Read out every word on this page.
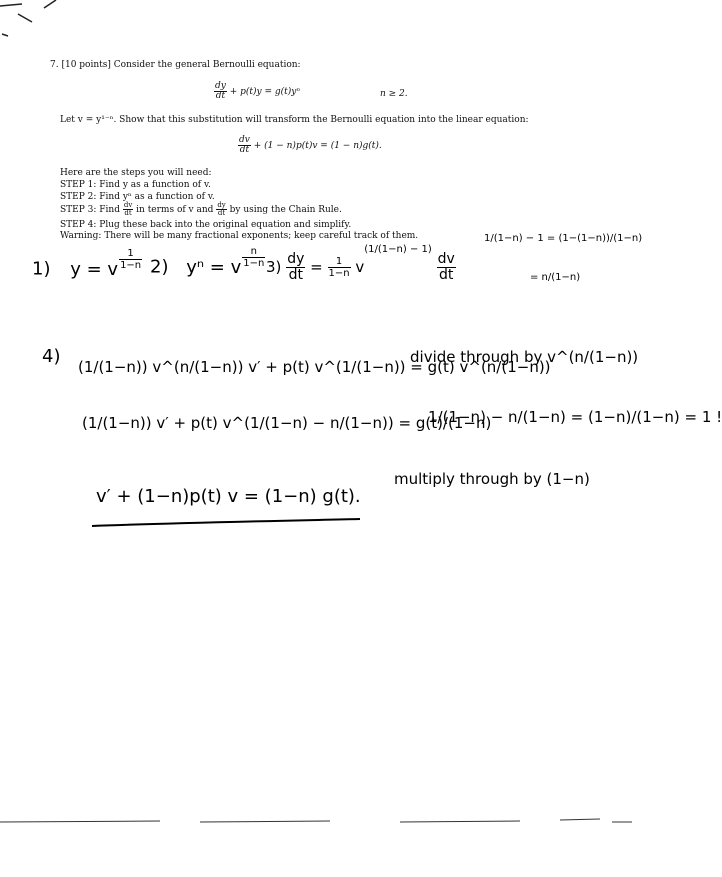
7. [10 points] Consider the general Bernoulli equation:
$\frac{dy}{dt} + p(t)y = g(t)y^n$	n ≥ 2.
Let v = y¹⁻ⁿ. Show that this substitution will transform the Bernoulli equation into the linear equation:
$\frac{dv}{dt} + (1 - n)p(t)v = (1 - n)g(t)$.
Here are the steps you will need:
STEP 1: Find y as a function of v.
STEP 2: Find yⁿ as a function of v.
STEP 3: Find $\frac{dv}{dt}$ in terms of v and $\frac{dy}{dt}$ by using the Chain Rule.
STEP 4: Plug these back into the original equation and simplify.
Warning: There will be many fractional exponents; keep careful track of them.
1) y = v $\frac{1}{1-n} 2$) yⁿ = v $\frac{n}{1-n} 3) \frac{dy}{dt} = \frac{1}{1-n} v^{(1/(1-n) - 1)}$
$\frac{dv}{dt}$
1/(1−n) − 1 = (1−(1−n))/(1−n)
= n/(1−n)
4) (1/(1−n)) v^(n/(1−n)) v′ + p(t) v^(1/(1−n)) = g(t) v^(n/(1−n))
divide through by v^(n/(1−n))
(1/(1−n)) v′ + p(t) v^(1/(1−n) − n/(1−n)) = g(t)/(1−n)
1/(1−n) − n/(1−n) = (1−n)/(1−n) = 1 !
v′ + (1−n)p(t) v = (1−n) g(t).
multiply through by (1−n)
